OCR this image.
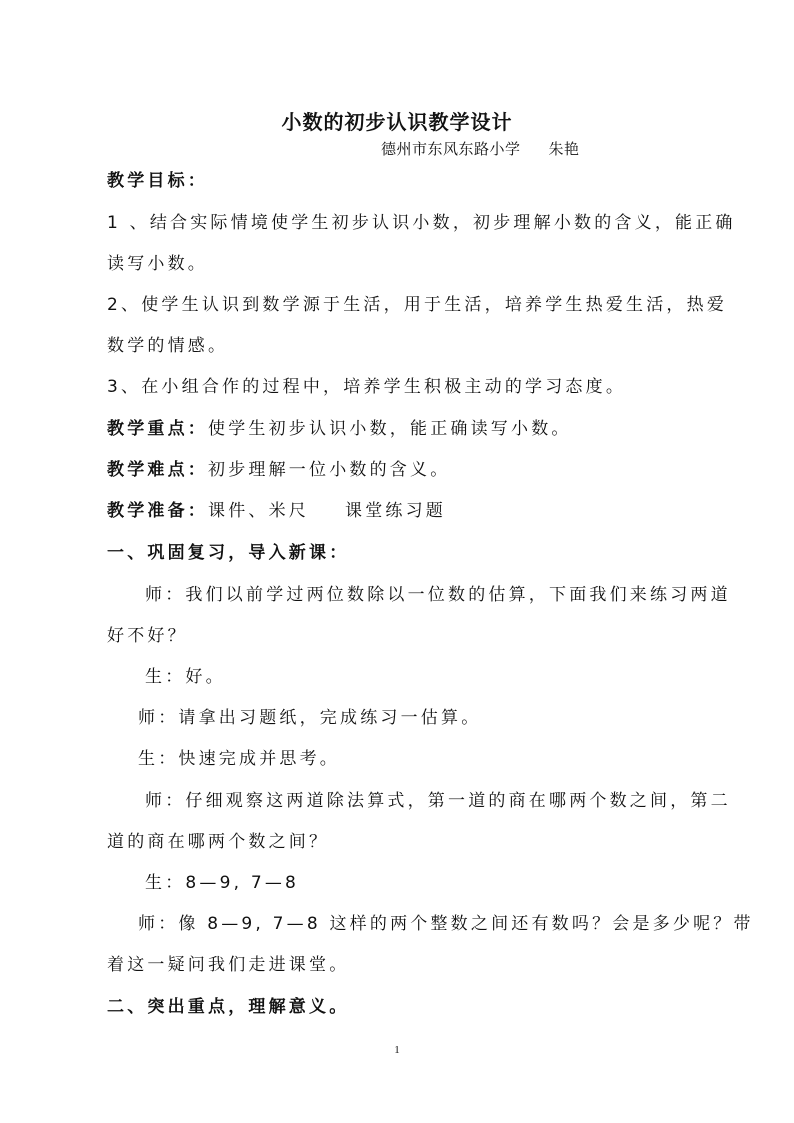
小数的初步认识教学设计
德州市东风东路小学 朱艳
教学目标：
1 、结合实际情境使学生初步认识小数，初步理解小数的含义，能正确
读写小数。
2、使学生认识到数学源于生活，用于生活，培养学生热爱生活，热爱
数学的情感。
3、在小组合作的过程中，培养学生积极主动的学习态度。
教学重点：使学生初步认识小数，能正确读写小数。
教学难点：初步理解一位小数的含义。
教学准备：课件、米尺 课堂练习题
一、巩固复习，导入新课：
师：我们以前学过两位数除以一位数的估算，下面我们来练习两道
好不好？
生：好。
师：请拿出习题纸，完成练习一估算。
生：快速完成并思考。
师：仔细观察这两道除法算式，第一道的商在哪两个数之间，第二
道的商在哪两个数之间？
生：8—9, 7—8
师：像 8—9, 7—8 这样的两个整数之间还有数吗？会是多少呢？带
着这一疑问我们走进课堂。
二、突出重点，理解意义。
1
